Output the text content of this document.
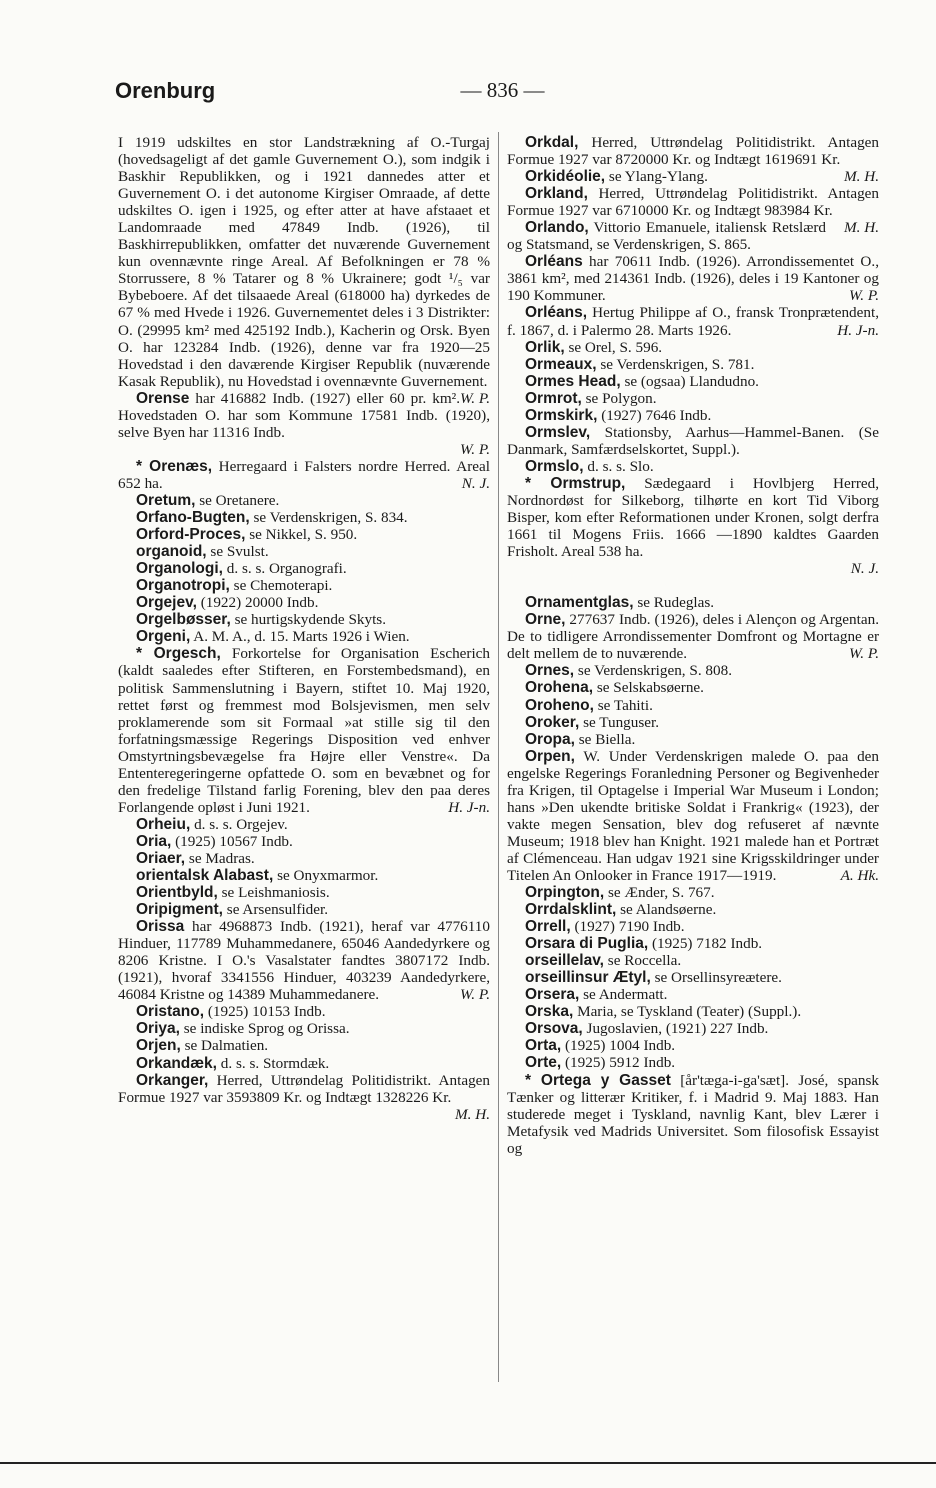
Orenburg	— 836 —

I 1919 udskiltes en stor Landstrækning af O.-Turgaj (hovedsageligt af det gamle Guvernement O.), som indgik i Baskhir Republikken, og i 1921 dannedes atter et Guvernement O. i det autonome Kirgiser Omraade, af dette udskiltes O. igen i 1925, og efter atter at have afstaaet et Landomraade med 47849 Indb. (1926), til Baskhirrepublikken, omfatter det nuværende Guvernement kun ovennævnte ringe Areal. Af Befolkningen er 78 % Storrussere, 8 % Tatarer og 8 % Ukrainere; godt ¹/₅ var Bybeboere. Af det tilsaaede Areal (618000 ha) dyrkedes de 67 % med Hvede i 1926. Guvernementet deles i 3 Distrikter: O. (29995 km² med 425192 Indb.), Kacherin og Orsk. Byen O. har 123284 Indb. (1926), denne var fra 1920—25 Hovedstad i den daværende Kirgiser Republik (nuværende Kasak Republik), nu Hovedstad i ovennævnte Guvernement.
W. P.

Orense har 416882 Indb. (1927) eller 60 pr. km². Hovedstaden O. har som Kommune 17581 Indb. (1920), selve Byen har 11316 Indb.
W. P.

* Orenæs, Herregaard i Falsters nordre Herred. Areal 652 ha.	N. J.

Oretum, se Oretanere.

Orfano-Bugten, se Verdenskrigen, S. 834.

Orford-Proces, se Nikkel, S. 950.

organoid, se Svulst.

Organologi, d. s. s. Organografi.

Organotropi, se Chemoterapi.

Orgejev, (1922) 20000 Indb.

Orgelbøsser, se hurtigskydende Skyts.

Orgeni, A. M. A., d. 15. Marts 1926 i Wien.

* Orgesch, Forkortelse for Organisation Escherich (kaldt saaledes efter Stifteren, en Forstembedsmand), en politisk Sammenslutning i Bayern, stiftet 10. Maj 1920, rettet først og fremmest mod Bolsjevismen, men selv proklamerende som sit Formaal »at stille sig til den forfatningsmæssige Regerings Disposition ved enhver Omstyrtningsbevægelse fra Højre eller Venstre«. Da Ententeregeringerne opfattede O. som en bevæbnet og for den fredelige Tilstand farlig Forening, blev den paa deres Forlangende opløst i Juni 1921.	H. J-n.

Orheiu, d. s. s. Orgejev.

Oria, (1925) 10567 Indb.

Oriaer, se Madras.

orientalsk Alabast, se Onyxmarmor.

Orientbyld, se Leishmaniosis.

Oripigment, se Arsensulfider.

Orissa har 4968873 Indb. (1921), heraf var 4776110 Hinduer, 117789 Muhammedanere, 65046 Aandedyrkere og 8206 Kristne. I O.'s Vasalstater fandtes 3807172 Indb. (1921), hvoraf 3341556 Hinduer, 403239 Aandedyrkere, 46084 Kristne og 14389 Muhammedanere.	W. P.

Oristano, (1925) 10153 Indb.

Oriya, se indiske Sprog og Orissa.

Orjen, se Dalmatien.

Orkandæk, d. s. s. Stormdæk.

Orkanger, Herred, Uttrøndelag Politidistrikt. Antagen Formue 1927 var 3593809 Kr. og Indtægt 1328226 Kr.
M. H.

Orkdal, Herred, Uttrøndelag Politidistrikt. Antagen Formue 1927 var 8720000 Kr. og Indtægt 1619691 Kr.
M. H.

Orkidéolie, se Ylang-Ylang.

Orkland, Herred, Uttrøndelag Politidistrikt. Antagen Formue 1927 var 6710000 Kr. og Indtægt 983984 Kr.
M. H.

Orlando, Vittorio Emanuele, italiensk Retslærd og Statsmand, se Verdenskrigen, S. 865.

Orléans har 70611 Indb. (1926). Arrondissementet O., 3861 km², med 214361 Indb. (1926), deles i 19 Kantoner og 190 Kommuner.	W. P.

Orléans, Hertug Philippe af O., fransk Tronprætendent, f. 1867, d. i Palermo 28. Marts 1926.	H. J-n.

Orlik, se Orel, S. 596.

Ormeaux, se Verdenskrigen, S. 781.

Ormes Head, se (ogsaa) Llandudno.

Ormrot, se Polygon.

Ormskirk, (1927) 7646 Indb.

Ormslev, Stationsby, Aarhus—Hammel-Banen. (Se Danmark, Samfærdselskortet, Suppl.).

Ormslo, d. s. s. Slo.

* Ormstrup, Sædegaard i Hovlbjerg Herred, Nordnordøst for Silkeborg, tilhørte en kort Tid Viborg Bisper, kom efter Reformationen under Kronen, solgt derfra 1661 til Mogens Friis. 1666 —1890 kaldtes Gaarden Frisholt. Areal 538 ha.
N. J.

Ornamentglas, se Rudeglas.

Orne, 277637 Indb. (1926), deles i Alençon og Argentan. De to tidligere Arrondissementer Domfront og Mortagne er delt mellem de to nuværende.	W. P.

Ornes, se Verdenskrigen, S. 808.

Orohena, se Selskabsøerne.

Oroheno, se Tahiti.

Oroker, se Tunguser.

Oropa, se Biella.

Orpen, W. Under Verdenskrigen malede O. paa den engelske Regerings Foranledning Personer og Begivenheder fra Krigen, til Optagelse i Imperial War Museum i London; hans »Den ukendte britiske Soldat i Frankrig« (1923), der vakte megen Sensation, blev dog refuseret af nævnte Museum; 1918 blev han Knight. 1921 malede han et Portræt af Clémenceau. Han udgav 1921 sine Krigsskildringer under Titelen An Onlooker in France 1917—1919.	A. Hk.

Orpington, se Ænder, S. 767.

Orrdalsklint, se Alandsøerne.

Orrell, (1927) 7190 Indb.

Orsara di Puglia, (1925) 7182 Indb.

orseillelav, se Roccella.

orseillinsur Ætyl, se Orsellinsyreætere.

Orsera, se Andermatt.

Orska, Maria, se Tyskland (Teater) (Suppl.).

Orsova, Jugoslavien, (1921) 227 Indb.

Orta, (1925) 1004 Indb.

Orte, (1925) 5912 Indb.

* Ortega y Gasset [år'tæga-i-ga'sæt]. José, spansk Tænker og litterær Kritiker, f. i Madrid 9. Maj 1883. Han studerede meget i Tyskland, navnlig Kant, blev Lærer i Metafysik ved Madrids Universitet. Som filosofisk Essayist og
